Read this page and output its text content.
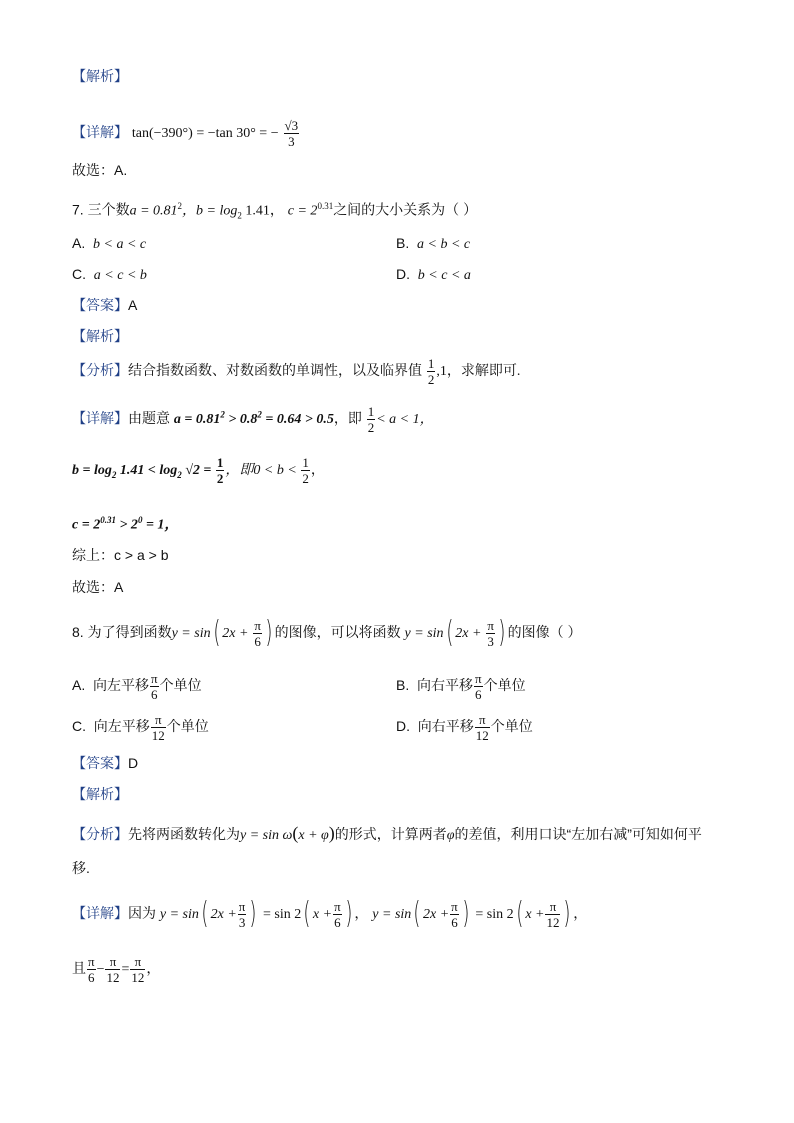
【解析】
【详解】 tan(−390°) = −tan 30° = − $\frac{√3}{3}$
故选：A.
7. 三个数$a = 0.81^2$，$b = \log_2 1.41$， $c = 2^{0.31}$之间的大小关系为（ ）
A. b < a < c	B. a < b < c
C. a < c < b	D. b < c < a
【答案】A
【解析】
【分析】结合指数函数、对数函数的单调性，以及临界值 $\frac{1}{2} ,1$，求解即可.
【详解】由题意 $a = 0.81^2 > 0.8^2 = 0.64 > 0.5$，即 $\frac{1}{2} < a < 1$，
$b = \log_2 1.41 < \log_2 √2 = \frac{1}{2}$ ，即$0 < b < \frac{1}{2}$ ，
$c = 2^{0.31} > 2^0 = 1$，
综上：c > a > b
故选：A
8. 为了得到函数y = sin( $2x + \frac{\pi}{6}$ ) 的图像，可以将函数 y = sin( $2x + \frac{\pi}{3}$ ) 的图像（ ）
A. 向左平移 $\frac{\pi}{6}$ 个单位	B. 向右平移 $\frac{\pi}{6}$ 个单位
C. 向左平移 $\frac{\pi}{12}$ 个单位	D. 向右平移 $\frac{\pi}{12}$ 个单位
【答案】D
【解析】
【分析】先将两函数转化为y = sin ω(x + φ)的形式，计算两者φ的差值，利用口诀“左加右减”可知如何平
移.
【详解】因为 y = sin( $2x + \frac{\pi}{3}$ ) = sin 2( $x + \frac{\pi}{6}$ ) ， y = sin( $2x + \frac{\pi}{6}$ ) = sin 2( $x + \frac{\pi}{12}$ ) ，
且 $\frac{\pi}{6} - \frac{\pi}{12} = \frac{\pi}{12}$ ，
